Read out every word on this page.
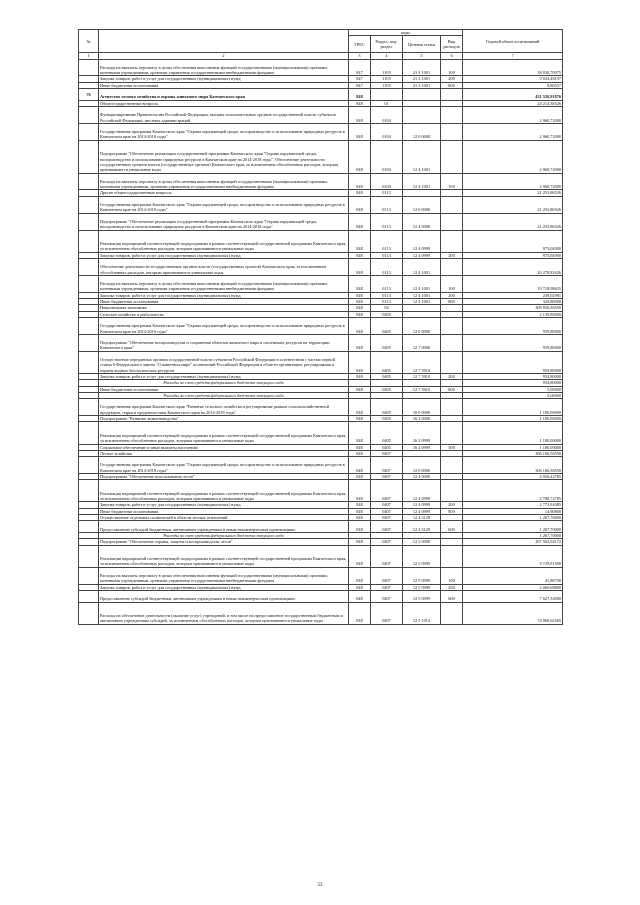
№		коды				Годовой объем ассигнований
		ГРБС	Раздел, под-раздел	Целевая статья	Вид расходов	
1	2	3	4	5	6	7
	Расходы на выплаты персоналу в целях обеспечения выполнения функций государственными (муниципальными) органами, казенными учреждениями, органами управления государственными внебюджетными фондами	847	1105	21 3 1001	100	38 030,70075
	Закупка товаров, работ и услуг для государственных (муниципальных) нужд	847	1105	21 3 1001	200	9 034,48197
	Иные бюджетные ассигнования	847	1105	21 3 1001	800	8,80537
76	Агентство лесного хозяйства и охраны животного мира Камчатского края	848				431 526,91876
	Общегосударственные вопросы	848	01			24 214,38526
	Функционирование Правительства Российской Федерации, высших исполнительных органов государственной власти субъектов Российской Федерации, местных администраций	848	0104			2 960,72000
	Государственная программа Камчатского края "Охрана окружающей среды, воспроизводство и использование природных ресурсов в Камчатском крае на 2014-2018 годы"	848	0104	12 0 0000		2 960,72000
	Подпрограмма "Обеспечение реализации государственной программы Камчатского края "Охрана окружающей среды, воспроизводство и использование природных ресурсов в Камчатском крае на 2014-2018 годы". Обеспечение деятельности государственных органов власти (государственных органов) Камчатского края, за исключением обособленных расходов, которым присваиваются уникальные коды	848	0104	12 4 1001		2 960,72000
	Расходы на выплаты персоналу в целях обеспечения выполнения функций государственными (муниципальными) органами, казенными учреждениями, органами управления государственными внебюджетными фондами	848	0104	12 4 1001	100	2 960,72000
	Другие общегосударственные вопросы	848	0113			21 253,86526
	Государственная программа Камчатского края "Охрана окружающей среды, воспроизводство и использование природных ресурсов в Камчатском крае на 2014-2018 годы"	848	0113	12 0 0000		21 253,86526
	Подпрограмма "Обеспечение реализации государственной программы Камчатского края "Охрана окружающей среды, воспроизводство и использование природных ресурсов в Камчатском крае на 2014-2018 годы"	848	0113	12 4 0000		21 253,86526
	Реализация мероприятий соответствующей подпрограммы в рамках соответствующей государственной программы Камчатского края, за исключением обособленных расходов, которым присваиваются уникальные коды	848	0113	12 4 0999		975,04900
	Закупка товаров, работ и услуг для государственных (муниципальных) нужд	848	0113	12 4 0999	200	975,04900
	Обеспечение деятельности государственных органов власти (государственных органов) Камчатского края, за исключением обособленных расходов, которым присваиваются уникальные коды	848	0113	12 4 1001		20 278,81626
	Расходы на выплаты персоналу в целях обеспечения выполнения функций государственными (муниципальными) органами, казенными учреждениями, органами управления государственными внебюджетными фондами	848	0113	12 4 1001	100	19 718,98635
	Закупка товаров, работ и услуг для государственных (муниципальных) нужд	848	0113	12 4 1001	200	239,02991
	Иные бюджетные ассигнования	848	0113	12 4 1001	800	320,80000
	Национальная экономика	848	04			309 836,36550
	Сельское хозяйство и рыболовство	848	0405			2 139,80000
	Государственная программа Камчатского края "Охрана окружающей среды, воспроизводство и использование природных ресурсов в Камчатском крае на 2014-2018 годы"	848	0405	12 0 0000		959,80000
	Подпрограмма "Обеспечение воспроизводства и сохранения объектов животного мира и охотничьих ресурсов на территории Камчатского края"	848	0405	12 7 0000		959,80000
	Осуществление переданных органам государственной власти субъектов Российской Федерации в соответствии с частью первой статьи 6 Федерального закона "О животном мире" полномочий Российской Федерации в области организации, регулирования и охраны водных биологических ресурсов	848	0405	12 7 5910		959,80000
	Закупка товаров, работ и услуг для государственных (муниципальных) нужд	848	0405	12 7 5910	200	954,80000
	Расходы за счет средств федерального бюджета текущего года					954,80000
	Иные бюджетные ассигнования	848	0405	12 7 5910	800	5,00000
	Расходы за счет средств федерального бюджета текущего года					5,00000
	Государственная программа Камчатского края "Развитие сельского хозяйства и регулирование рынков сельскохозяйственной продукции, сырья и продовольствия Камчатского края на 2014-2018 годы"	848	0405	16 0 0000		1 180,00000
	Подпрограмма "Развитие животноводства"	848	0405	16 2 0000		1 180,00000
	Реализация мероприятий соответствующей подпрограммы в рамках соответствующей государственной программы Камчатского края, за исключением обособленных расходов, которым присваиваются уникальные коды	848	0405	16 2 0999		1 180,00000
	Социальное обеспечение и иные выплаты населению	848	0405	16 2 0999	300	1 180,00000
	Лесное хозяйство	848	0407			306 166,56550
	Государственная программа Камчатского края "Охрана окружающей среды, воспроизводство и использование природных ресурсов в Камчатском крае на 2014-2018 годы"	848	0407	12 0 0000		306 166,56550
	Подпрограмма "Обеспечение использования лесов"	848	0407	12 4 0000		4 056,42785
	Реализация мероприятий соответствующей подпрограммы в рамках соответствующей государственной программы Камчатского края, за исключением обособленных расходов, которым присваиваются уникальные коды	848	0407	12 4 0999		2 788,72785
	Закупка товаров, работ и услуг для государственных (муниципальных) нужд	848	0407	12 4 0999	200	2 773,91085
	Иные бюджетные ассигнования	848	0407	12 4 0999	800	14,90800
	Осуществление отдельных полномочий в области лесных отношений	848	0407	12 4 5129		1 267,70000
	Предоставление субсидий бюджетным, автономным учреждениям и иным некоммерческим организациям	848	0407	12 4 5129	600	1 267,70000
	Расходы за счет средств федерального бюджета текущего года					1 267,70000
	Подпрограмма "Обеспечение охраны, защиты и воспроизводства лесов"	848	0407	12 5 0000		267 562,94172
	Реализация мероприятий соответствующей подпрограммы в рамках соответствующей государственной программы Камчатского края, за исключением обособленных расходов, которым присваиваются уникальные коды	848	0407	12 5 0999		9 729,91500
	Расходы на выплаты персоналу в целях обеспечения выполнения функций государственными (муниципальными) органами, казенными учреждениями, органами управления государственными внебюджетными фондами	848	0407	12 5 0999	100	41,88700
	Закупка товаров, работ и услуг для государственных (муниципальных) нужд	848	0407	12 5 0999	200	2 060,68800
	Предоставление субсидий бюджетным, автономным учреждениям и иным некоммерческим организациям	848	0407	12 5 0999	600	7 627,34000
	Расходы на обеспечение деятельности (оказание услуг) учреждений, в том числе на предоставление государственным бюджетным и автономным учреждениям субсидий, за исключением обособленных расходов, которым присваиваются уникальные коды	848	0407	12 5 1014		74 060,62565
53
